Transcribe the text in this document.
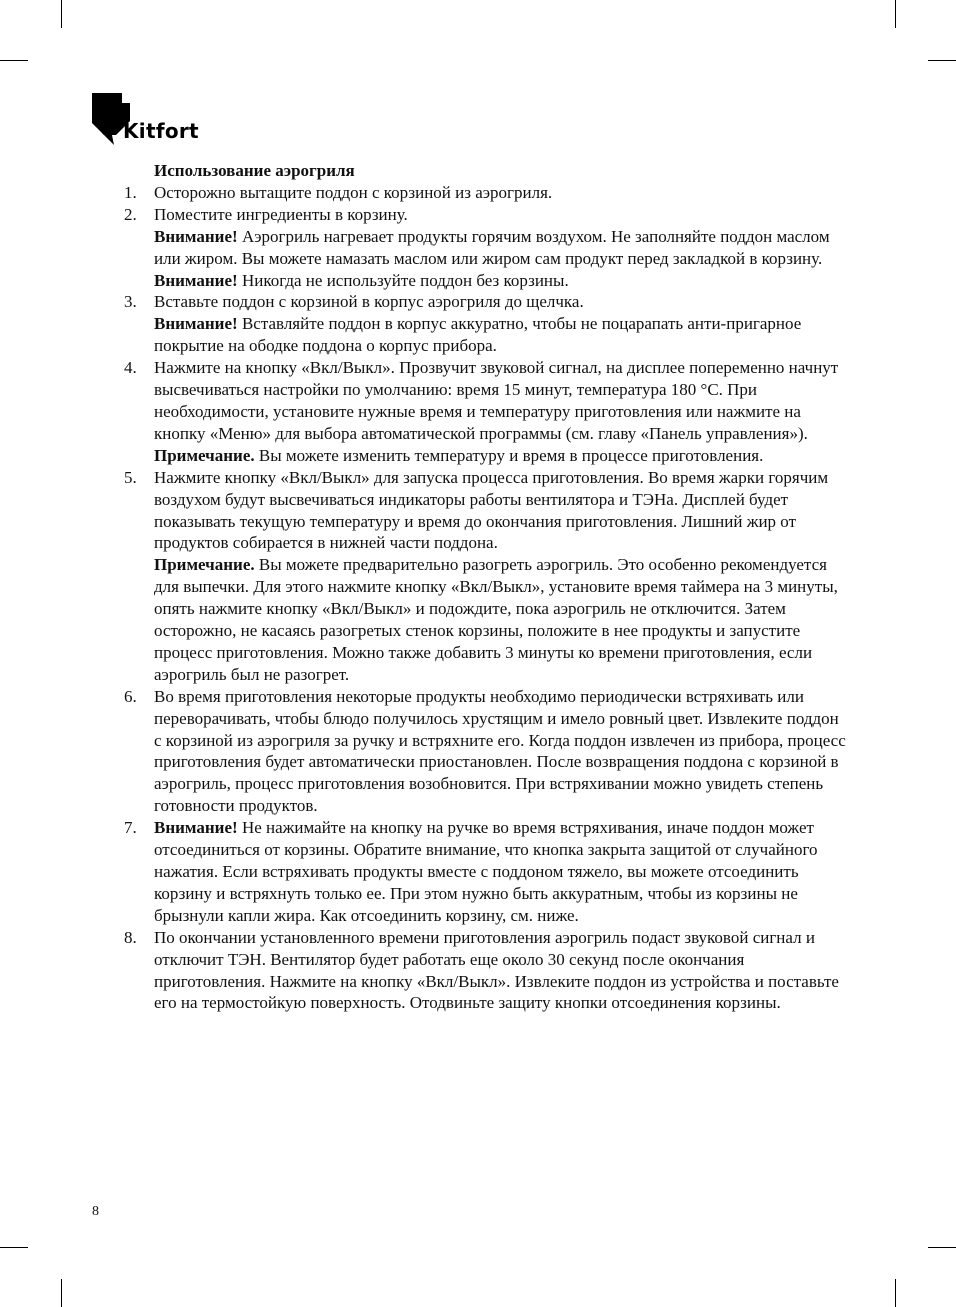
Kitfort
Использование аэрогриля
1. Осторожно вытащите поддон с корзиной из аэрогриля.

2. Поместите ингредиенты в корзину.

Внимание! Аэрогриль нагревает продукты горячим воздухом. Не заполняйте поддон маслом или жиром. Вы можете намазать маслом или жиром сам продукт перед закладкой в корзину.

Внимание! Никогда не используйте поддон без корзины.

3. Вставьте поддон с корзиной в корпус аэрогриля до щелчка.

Внимание! Вставляйте поддон в корпус аккуратно, чтобы не поцарапать анти-пригарное покрытие на ободке поддона о корпус прибора.

4. Нажмите на кнопку «Вкл/Выкл». Прозвучит звуковой сигнал, на дисплее попеременно начнут высвечиваться настройки по умолчанию: время 15 минут, температура 180 °С. При необходимости, установите нужные время и температуру приготовления или нажмите на кнопку «Меню» для выбора автоматической программы (см. главу «Панель управления»).

Примечание. Вы можете изменить температуру и время в процессе приготовления.

5. Нажмите кнопку «Вкл/Выкл» для запуска процесса приготовления. Во время жарки горячим воздухом будут высвечиваться индикаторы работы вентилятора и ТЭНа. Дисплей будет показывать текущую температуру и время до окончания приготовления. Лишний жир от продуктов собирается в нижней части поддона.

Примечание. Вы можете предварительно разогреть аэрогриль. Это особенно рекомендуется для выпечки. Для этого нажмите кнопку «Вкл/Выкл», установите время таймера на 3 минуты, опять нажмите кнопку «Вкл/Выкл» и подождите, пока аэрогриль не отключится. Затем осторожно, не касаясь разогретых стенок корзины, положите в нее продукты и запустите процесс приготовления. Можно также добавить 3 минуты ко времени приготовления, если аэрогриль был не разогрет.

6. Во время приготовления некоторые продукты необходимо периодически встряхивать или переворачивать, чтобы блюдо получилось хрустящим и имело ровный цвет. Извлеките поддон с корзиной из аэрогриля за ручку и встряхните его. Когда поддон извлечен из прибора, процесс приготовления будет автоматически приостановлен. После возвращения поддона с корзиной в аэрогриль, процесс приготовления возобновится. При встряхивании можно увидеть степень готовности продуктов.

7. Внимание! Не нажимайте на кнопку на ручке во время встряхивания, иначе поддон может отсоединиться от корзины. Обратите внимание, что кнопка закрыта защитой от случайного нажатия. Если встряхивать продукты вместе с поддоном тяжело, вы можете отсоединить корзину и встряхнуть только ее. При этом нужно быть аккуратным, чтобы из корзины не брызнули капли жира. Как отсоединить корзину, см. ниже.

8. По окончании установленного времени приготовления аэрогриль подаст звуковой сигнал и отключит ТЭН. Вентилятор будет работать еще около 30 секунд после окончания приготовления. Нажмите на кнопку «Вкл/Выкл». Извлеките поддон из устройства и поставьте его на термостойкую поверхность. Отодвиньте защиту кнопки отсоединения корзины.

8
